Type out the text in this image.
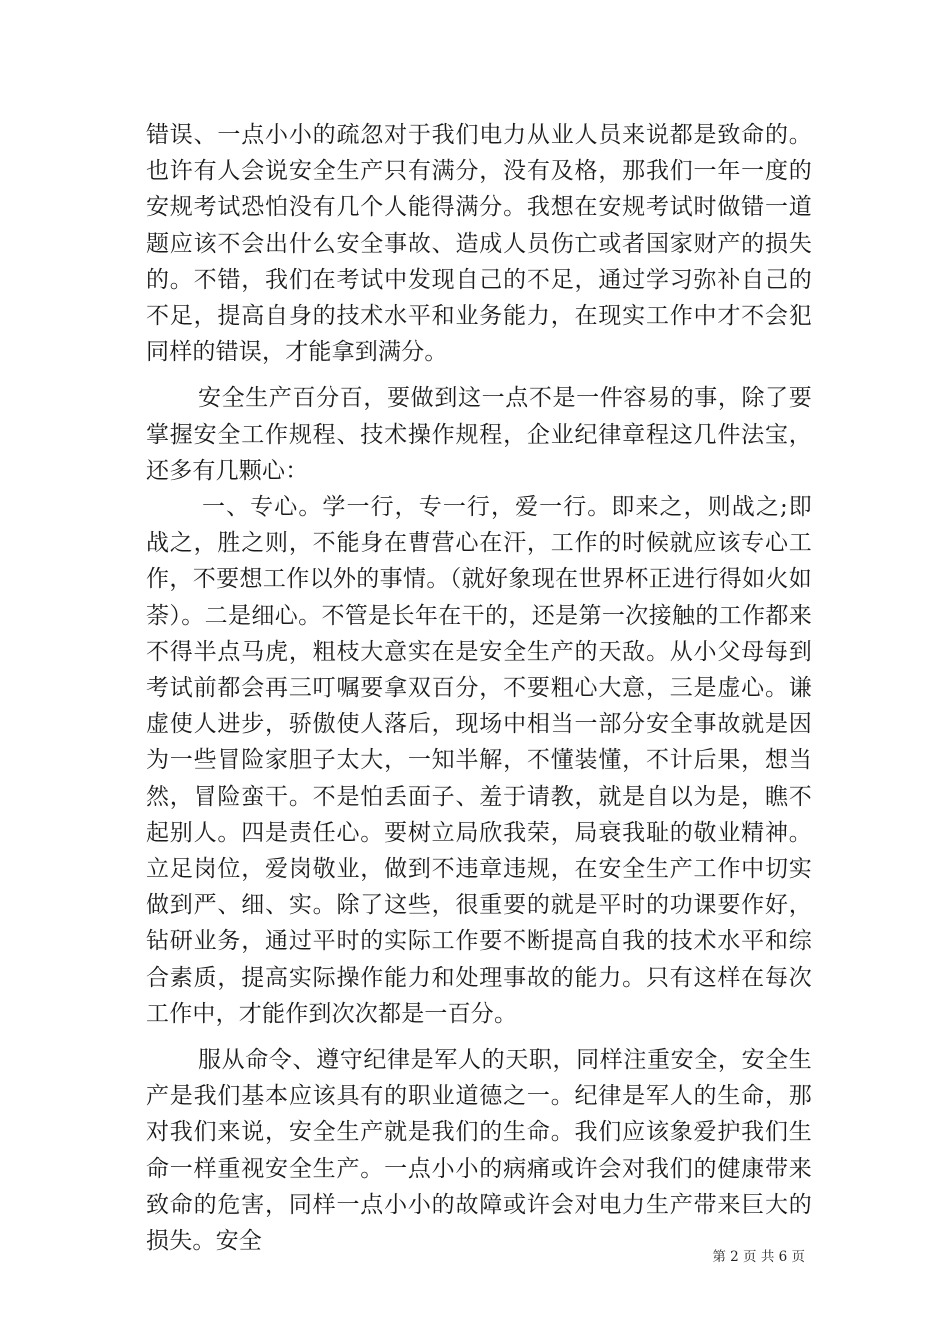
错误、一点小小的疏忽对于我们电力从业人员来说都是致命的。也许有人会说安全生产只有满分，没有及格，那我们一年一度的安规考试恐怕没有几个人能得满分。我想在安规考试时做错一道题应该不会出什么安全事故、造成人员伤亡或者国家财产的损失的。不错，我们在考试中发现自己的不足，通过学习弥补自己的不足，提高自身的技术水平和业务能力，在现实工作中才不会犯同样的错误，才能拿到满分。

安全生产百分百，要做到这一点不是一件容易的事，除了要掌握安全工作规程、技术操作规程，企业纪律章程这几件法宝，还多有几颗心：

一、专心。学一行，专一行，爱一行。即来之，则战之;即战之，胜之则，不能身在曹营心在汗，工作的时候就应该专心工作，不要想工作以外的事情。（就好象现在世界杯正进行得如火如荼）。二是细心。不管是长年在干的，还是第一次接触的工作都来不得半点马虎，粗枝大意实在是安全生产的天敌。从小父母每到考试前都会再三叮嘱要拿双百分，不要粗心大意，三是虚心。谦虚使人进步，骄傲使人落后，现场中相当一部分安全事故就是因为一些冒险家胆子太大，一知半解，不懂装懂，不计后果，想当然，冒险蛮干。不是怕丢面子、羞于请教，就是自以为是，瞧不起别人。四是责任心。要树立局欣我荣，局衰我耻的敬业精神。立足岗位，爱岗敬业，做到不违章违规，在安全生产工作中切实做到严、细、实。除了这些，很重要的就是平时的功课要作好，钻研业务，通过平时的实际工作要不断提高自我的技术水平和综合素质，提高实际操作能力和处理事故的能力。只有这样在每次工作中，才能作到次次都是一百分。

服从命令、遵守纪律是军人的天职，同样注重安全，安全生产是我们基本应该具有的职业道德之一。纪律是军人的生命，那对我们来说，安全生产就是我们的生命。我们应该象爱护我们生命一样重视安全生产。一点小小的病痛或许会对我们的健康带来致命的危害，同样一点小小的故障或许会对电力生产带来巨大的损失。安全

第 2 页 共 6 页
